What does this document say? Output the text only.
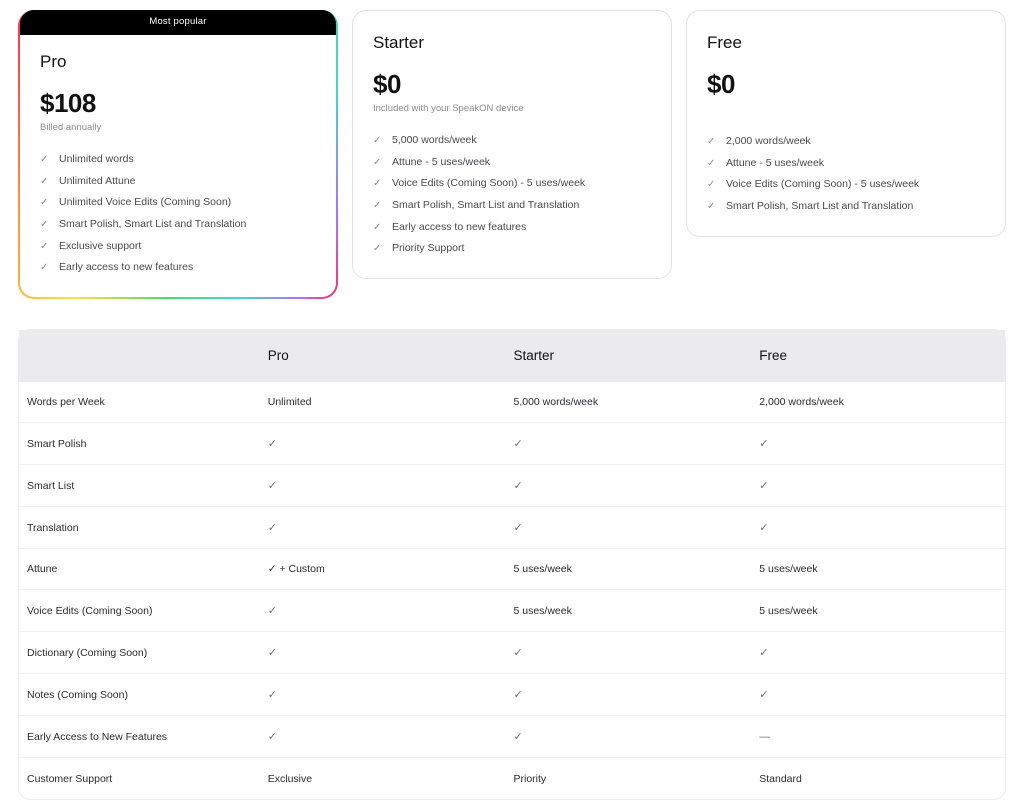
Most popular
Pro
$108
Billed annually
✓ Unlimited words
✓ Unlimited Attune
✓ Unlimited Voice Edits (Coming Soon)
✓ Smart Polish, Smart List and Translation
✓ Exclusive support
✓ Early access to new features
Starter
$0
Included with your SpeakON device
✓ 5,000 words/week
✓ Attune - 5 uses/week
✓ Voice Edits (Coming Soon) - 5 uses/week
✓ Smart Polish, Smart List and Translation
✓ Early access to new features
✓ Priority Support
Free
$0
✓ 2,000 words/week
✓ Attune - 5 uses/week
✓ Voice Edits (Coming Soon) - 5 uses/week
✓ Smart Polish, Smart List and Translation
	Pro	Starter	Free
Words per Week	Unlimited	5,000 words/week	2,000 words/week
Smart Polish	✓	✓	✓
Smart List	✓	✓	✓
Translation	✓	✓	✓
Attune	✓ + Custom	5 uses/week	5 uses/week
Voice Edits (Coming Soon)	✓	5 uses/week	5 uses/week
Dictionary (Coming Soon)	✓	✓	✓
Notes (Coming Soon)	✓	✓	✓
Early Access to New Features	✓	✓	—
Customer Support	Exclusive	Priority	Standard
